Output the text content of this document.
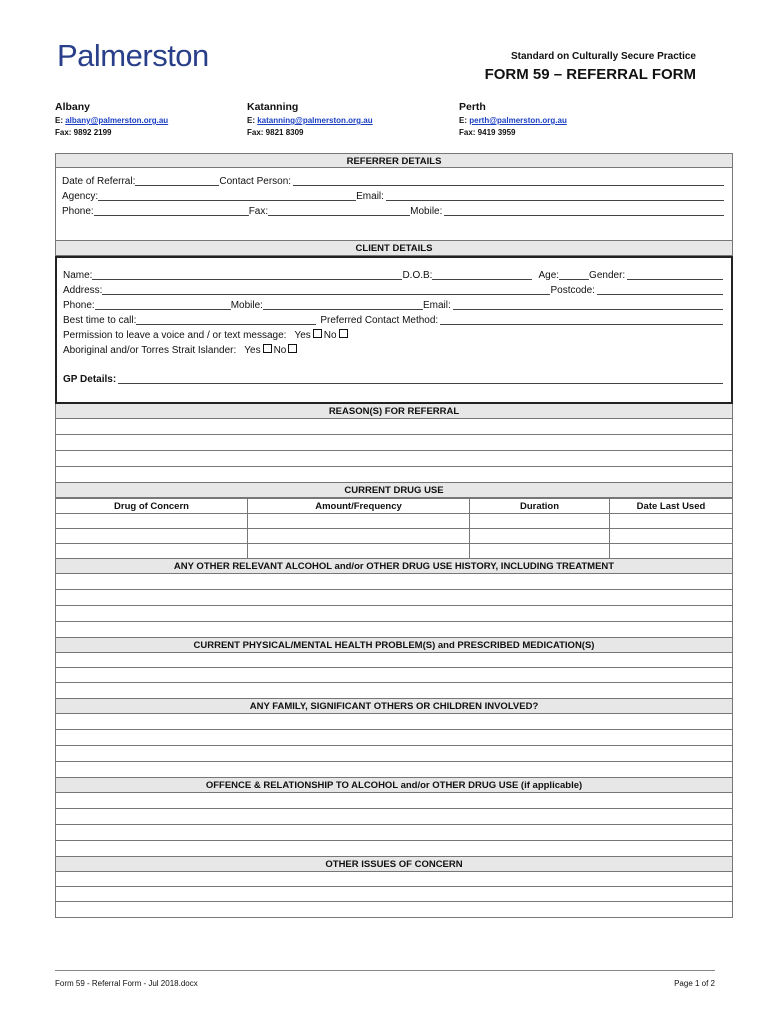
Palmerston	Standard on Culturally Secure Practice
FORM 59 – REFERRAL FORM
Albany
E: albany@palmerston.org.au
Fax: 9892 2199
Katanning
E: katanning@palmerston.org.au
Fax: 9821 8309
Perth
E: perth@palmerston.org.au
Fax: 9419 3959
REFERRER DETAILS
Date of Referral:	Contact Person:
Agency:	Email:
Phone:	Fax:	Mobile:
CLIENT DETAILS
Name:	D.O.B:	Age:	Gender:
Address:	Postcode:
Phone:	Mobile:	Email:
Best time to call:	Preferred Contact Method:
Permission to leave a voice and / or text message: Yes No
Aboriginal and/or Torres Strait Islander: Yes No
GP Details:
REASON(S) FOR REFERRAL
CURRENT DRUG USE
Drug of Concern	Amount/Frequency	Duration	Date Last Used

ANY OTHER RELEVANT ALCOHOL and/or OTHER DRUG USE HISTORY, INCLUDING TREATMENT
CURRENT PHYSICAL/MENTAL HEALTH PROBLEM(S) and PRESCRIBED MEDICATION(S)
ANY FAMILY, SIGNIFICANT OTHERS OR CHILDREN INVOLVED?
OFFENCE & RELATIONSHIP TO ALCOHOL and/or OTHER DRUG USE (if applicable)
OTHER ISSUES OF CONCERN
Form 59 - Referral Form - Jul 2018.docx	Page 1 of 2
